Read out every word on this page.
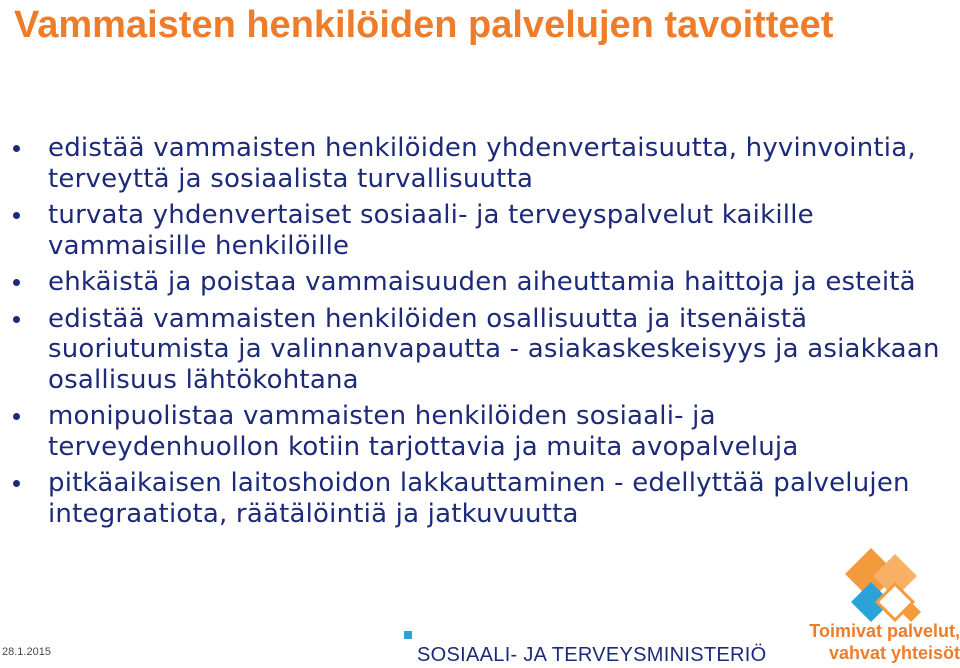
Vammaisten henkilöiden palvelujen tavoitteet
edistää vammaisten henkilöiden yhdenvertaisuutta, hyvinvointia, terveyttä ja sosiaalista turvallisuutta
turvata yhdenvertaiset sosiaali- ja terveyspalvelut kaikille vammaisille henkilöille
ehkäistä ja poistaa vammaisuuden aiheuttamia haittoja ja esteitä
edistää vammaisten henkilöiden osallisuutta ja itsenäistä suoriutumista ja valinnanvapautta - asiakaskeskeisyys ja asiakkaan osallisuus lähtökohtana
monipuolistaa vammaisten henkilöiden sosiaali- ja terveydenhuollon kotiin tarjottavia ja muita avopalveluja
pitkäaikaisen laitoshoidon lakkauttaminen - edellyttää palvelujen integraatiota, räätälöintiä ja jatkuvuutta
28.1.2015	SOSIAALI- JA TERVEYSMINISTERIÖ
Toimivat palvelut,
vahvat yhteisöt
